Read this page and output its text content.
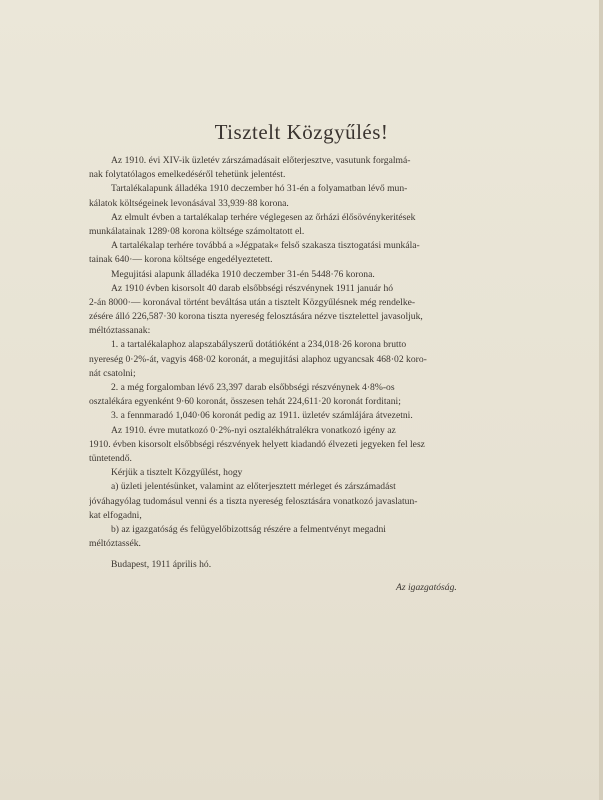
Tisztelt Közgyűlés!
Az 1910. évi XIV-ik üzletév zárszámadásait előterjesztve, vasutunk forgalmá-
nak folytatólagos emelkedéséről tehetünk jelentést.
Tartalékalapunk álladéka 1910 deczember hó 31-én a folyamatban lévő mun-
kálatok költségeinek levonásával 33,939·88 korona.
Az elmult évben a tartalékalap terhére véglegesen az őrházi élősövénykeritések
munkálatainak 1289·08 korona költsége számoltatott el.
A tartalékalap terhére továbbá a »Jégpatak« felső szakasza tisztogatási munkála-
tainak 640·— korona költsége engedélyeztetett.
Megujitási alapunk álladéka 1910 deczember 31-én 5448·76 korona.
Az 1910 évben kisorsolt 40 darab elsőbbségi részvénynek 1911 január hó
2-án 8000·— koronával történt beváltása után a tisztelt Közgyűlésnek még rendelke-
zésére álló 226,587·30 korona tiszta nyereség felosztására nézve tisztelettel javasoljuk,
méltóztassanak:
1. a tartalékalaphoz alapszabályszerű dotátióként a 234,018·26 korona brutto
nyereség 0·2%-át, vagyis 468·02 koronát, a megujitási alaphoz ugyancsak 468·02 koro-
nát csatolni;
2. a még forgalomban lévő 23,397 darab elsőbbségi részvénynek 4·8%-os
osztalékára egyenként 9·60 koronát, összesen tehát 224,611·20 koronát forditani;
3. a fennmaradó 1,040·06 koronát pedig az 1911. üzletév számlájára átvezetni.
Az 1910. évre mutatkozó 0·2%-nyi osztalékhátralékra vonatkozó igény az
1910. évben kisorsolt elsőbbségi részvények helyett kiadandó élvezeti jegyeken fel lesz
tüntetendő.
Kérjük a tisztelt Közgyűlést, hogy
a) üzleti jelentésünket, valamint az előterjesztett mérleget és zárszámadást
jóváhagyólag tudomásul venni és a tiszta nyereség felosztására vonatkozó javaslatun-
kat elfogadni,
b) az igazgatóság és felügyelőbizottság részére a felmentvényt megadni
méltóztassék.
Budapest, 1911 április hó.
Az igazgatóság.
